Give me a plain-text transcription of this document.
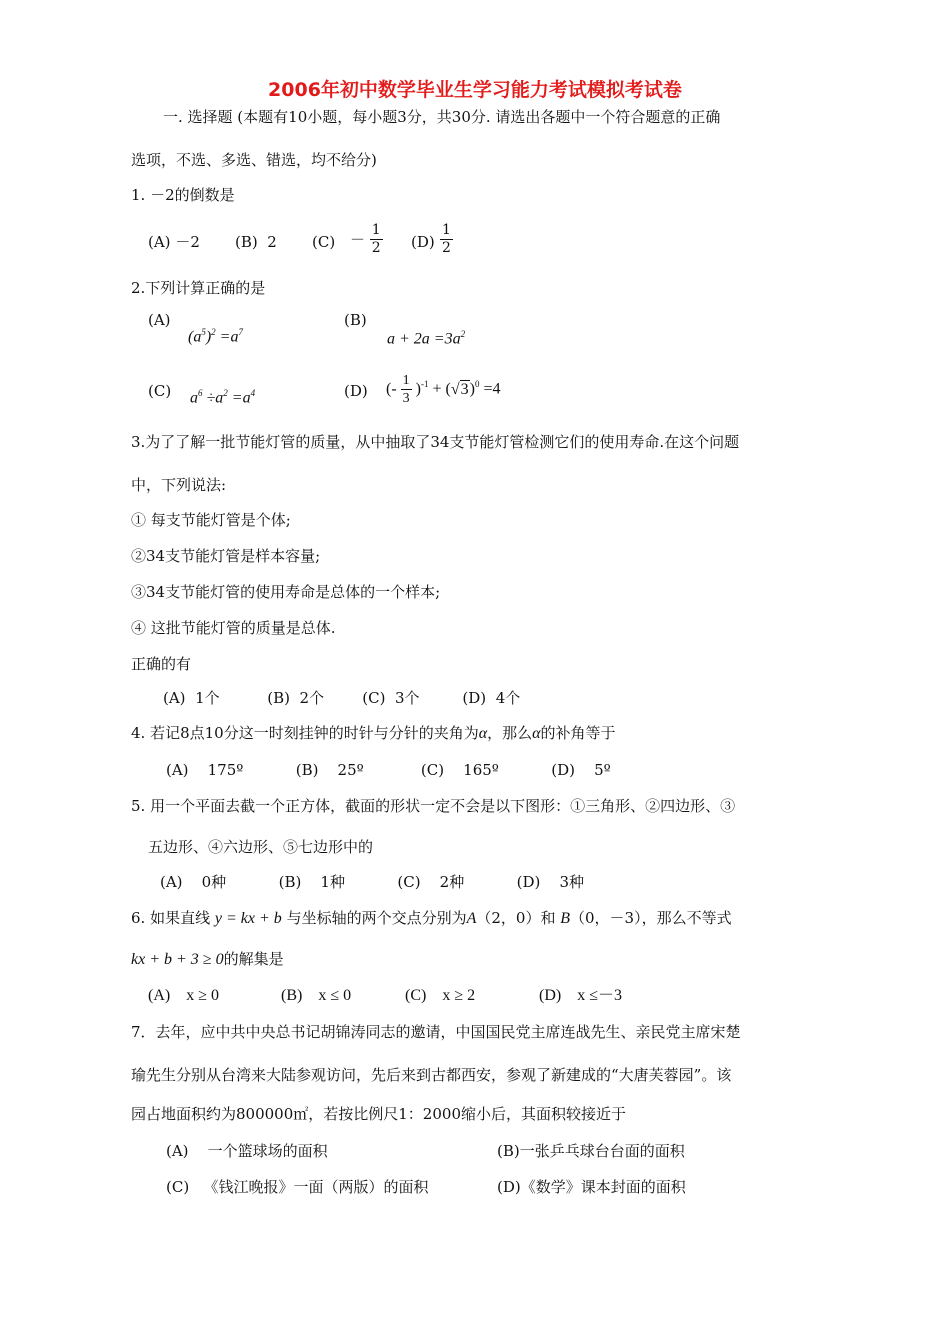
2006年初中数学毕业生学习能力考试模拟考试卷
一. 选择题 (本题有10小题，每小题3分，共30分. 请选出各题中一个符合题意的正确
选项，不选、多选、错选，均不给分)
1. －2的倒数是
(A) －2 (B) 2 $(C) - \frac{1}{2} (D) \frac{1}{2}$
2.下列计算正确的是
(A)
$(a^5)^2 =a^7$
(B)
$a + 2a =3a^2$
(C) $a^6 \div a^2 =a^4$	(D) (- $\frac{1}{3} )^{-1} + (√3)^0 =4$
3.为了了解一批节能灯管的质量，从中抽取了34支节能灯管检测它们的使用寿命.在这个问题
中，下列说法:
① 每支节能灯管是个体;
②34支节能灯管是样本容量;
③34支节能灯管的使用寿命是总体的一个样本;
④ 这批节能灯管的质量是总体.
正确的有
(A)  1个          (B)  2个        (C)  3个         (D)  4个
4. 若记8点10分这一时刻挂钟的时针与分针的夹角为α，那么α的补角等于
(A)    175º           (B)    25º            (C)    165º           (D)    5º
5. 用一个平面去截一个正方体，截面的形状一定不会是以下图形：①三角形、②四边形、③
五边形、④六边形、⑤七边形中的
(A)    0种           (B)    1种           (C)    2种           (D)    3种
6. 如果直线 y = kx + b 与坐标轴的两个交点分别为A（2，0）和 B（0，－3），那么不等式
kx + b + 3 ≥ 0的解集是
(A)    x ≥ 0	(B)    x ≤ 0	(C)    x ≥ 2	(D)    x ≤－3
7．去年，应中共中央总书记胡锦涛同志的邀请，中国国民党主席连战先生、亲民党主席宋楚
瑜先生分别从台湾来大陆参观访问，先后来到古都西安，参观了新建成的“大唐芙蓉园”。该
园占地面积约为800000㎡，若按比例尺1：2000缩小后，其面积较接近于
(A)    一个篮球场的面积	(B)一张乒乓球台台面的面积
(C)   《钱江晚报》一面（两版）的面积	(D)《数学》课本封面的面积
